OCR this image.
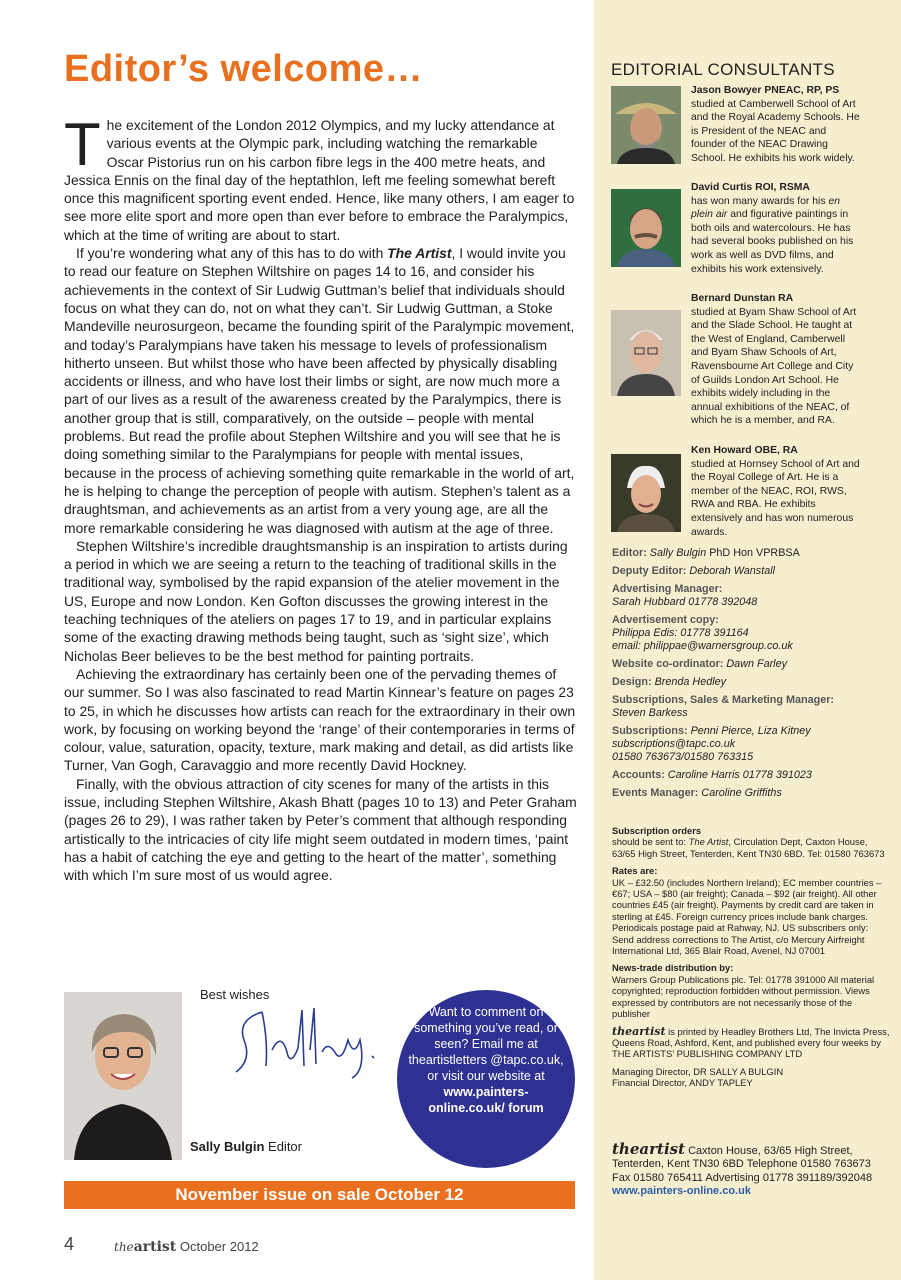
Editor’s welcome…

The excitement of the London 2012 Olympics, and my lucky attendance at various events at the Olympic park, including watching the remarkable Oscar Pistorius run on his carbon fibre legs in the 400 metre heats, and Jessica Ennis on the final day of the heptathlon, left me feeling somewhat bereft once this magnificent sporting event ended. Hence, like many others, I am eager to see more elite sport and more open than ever before to embrace the Paralympics, which at the time of writing are about to start.

If you’re wondering what any of this has to do with The Artist, I would invite you to read our feature on Stephen Wiltshire on pages 14 to 16, and consider his achievements in the context of Sir Ludwig Guttman’s belief that individuals should focus on what they can do, not on what they can’t. Sir Ludwig Guttman, a Stoke Mandeville neurosurgeon, became the founding spirit of the Paralympic movement, and today’s Paralympians have taken his message to levels of professionalism hitherto unseen. But whilst those who have been affected by physically disabling accidents or illness, and who have lost their limbs or sight, are now much more a part of our lives as a result of the awareness created by the Paralympics, there is another group that is still, comparatively, on the outside – people with mental problems. But read the profile about Stephen Wiltshire and you will see that he is doing something similar to the Paralympians for people with mental issues, because in the process of achieving something quite remarkable in the world of art, he is helping to change the perception of people with autism. Stephen’s talent as a draughtsman, and achievements as an artist from a very young age, are all the more remarkable considering he was diagnosed with autism at the age of three.

Stephen Wiltshire’s incredible draughtsmanship is an inspiration to artists during a period in which we are seeing a return to the teaching of traditional skills in the traditional way, symbolised by the rapid expansion of the atelier movement in the US, Europe and now London. Ken Gofton discusses the growing interest in the teaching techniques of the ateliers on pages 17 to 19, and in particular explains some of the exacting drawing methods being taught, such as ‘sight size’, which Nicholas Beer believes to be the best method for painting portraits.

Achieving the extraordinary has certainly been one of the pervading themes of our summer. So I was also fascinated to read Martin Kinnear’s feature on pages 23 to 25, in which he discusses how artists can reach for the extraordinary in their own work, by focusing on working beyond the ‘range’ of their contemporaries in terms of colour, value, saturation, opacity, texture, mark making and detail, as did artists like Turner, Van Gogh, Caravaggio and more recently David Hockney.

Finally, with the obvious attraction of city scenes for many of the artists in this issue, including Stephen Wiltshire, Akash Bhatt (pages 10 to 13) and Peter Graham (pages 26 to 29), I was rather taken by Peter’s comment that although responding artistically to the intricacies of city life might seem outdated in modern times, ‘paint has a habit of catching the eye and getting to the heart of the matter’, something with which I’m sure most of us would agree.

Best wishes
Sally Bulgin Editor
Want to comment on something you’ve read, or seen? Email me at theartistletters @tapc.co.uk, or visit our website at
www.painters-online.co.uk/ forum
November issue on sale October 12
4	theartist October 2012
EDITORIAL CONSULTANTS
Jason Bowyer PNEAC, RP, PS
studied at Camberwell School of Art and the Royal Academy Schools. He is President of the NEAC and founder of the NEAC Drawing School. He exhibits his work widely.
David Curtis ROI, RSMA
has won many awards for his en plein air and figurative paintings in both oils and watercolours. He has had several books published on his work as well as DVD films, and exhibits his work extensively.
Bernard Dunstan RA
studied at Byam Shaw School of Art and the Slade School. He taught at the West of England, Camberwell and Byam Shaw Schools of Art, Ravensbourne Art College and City of Guilds London Art School. He exhibits widely including in the annual exhibitions of the NEAC, of which he is a member, and RA.
Ken Howard OBE, RA
studied at Hornsey School of Art and the Royal College of Art. He is a member of the NEAC, ROI, RWS, RWA and RBA. He exhibits extensively and has won numerous awards.
Editor: Sally Bulgin PhD Hon VPRBSA
Deputy Editor: Deborah Wanstall
Advertising Manager:
Sarah Hubbard 01778 392048
Advertisement copy:
Philippa Edis: 01778 391164
email: philippae@warnersgroup.co.uk
Website co-ordinator: Dawn Farley
Design: Brenda Hedley
Subscriptions, Sales & Marketing Manager:
Steven Barkess
Subscriptions: Penni Pierce, Liza Kitney
subscriptions@tapc.co.uk
01580 763673/01580 763315
Accounts: Caroline Harris 01778 391023
Events Manager: Caroline Griffiths
Subscription orders
should be sent to: The Artist, Circulation Dept, Caxton House, 63/65 High Street, Tenterden, Kent TN30 6BD. Tel: 01580 763673
Rates are:
UK – £32.50 (includes Northern Ireland); EC member countries – €67; USA – $80 (air freight); Canada – $92 (air freight). All other countries £45 (air freight). Payments by credit card are taken in sterling at £45. Foreign currency prices include bank charges. Periodicals postage paid at Rahway, NJ. US subscribers only: Send address corrections to The Artist, c/o Mercury Airfreight International Ltd, 365 Blair Road, Avenel, NJ 07001
News-trade distribution by:
Warners Group Publications plc. Tel: 01778 391000 All material copyrighted; reproduction forbidden without permission. Views expressed by contributors are not necessarily those of the publisher
theartist is printed by Headley Brothers Ltd, The Invicta Press, Queens Road, Ashford, Kent, and published every four weeks by THE ARTISTS’ PUBLISHING COMPANY LTD
Managing Director, DR SALLY A BULGIN
Financial Director, ANDY TAPLEY
theartist Caxton House, 63/65 High Street, Tenterden, Kent TN30 6BD Telephone 01580 763673 Fax 01580 765411 Advertising 01778 391189/392048
www.painters-online.co.uk
